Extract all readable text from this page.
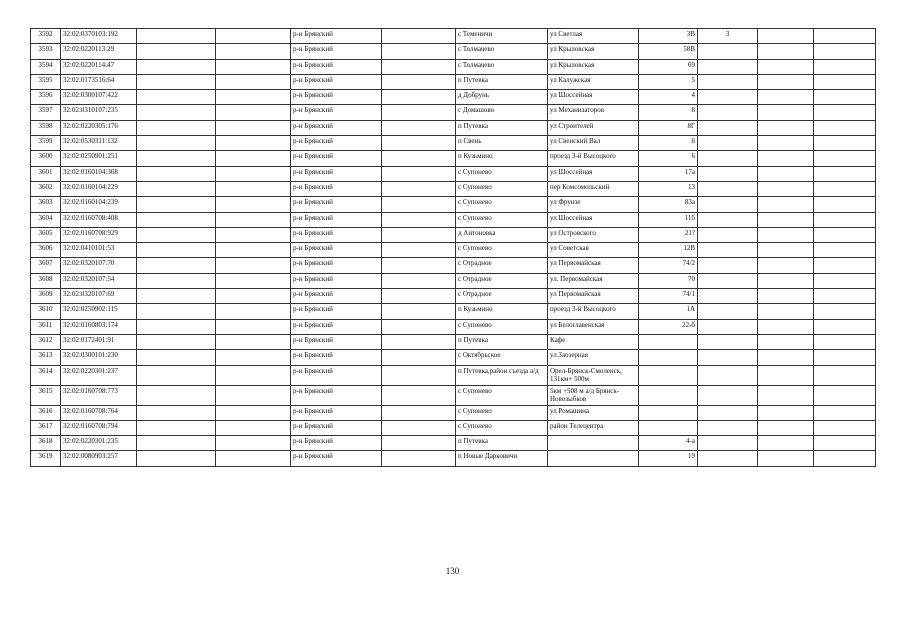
3592	32:02:0370103:192			р-н Брянский		с Теменичи	ул Светлая	3В	3		
3593	32:02:0220113:29			р-н Брянский		с Толмачево	ул Крыловская	58В			
3594	32:02:0220114:47			р-н Брянский		с Толмачево	ул Крыловская	69			
3595	32:02:0173516:64			р-н Брянский		п Путевка	ул Калужская	5			
3596	32:02:0300107:422			р-н Брянский		д Добрунь	ул Шоссейная	4			
3597	32:02:0310107:235			р-н Брянский		с Домашово	ул Механизаторов	8			
3598	32:02:0220305:176			р-н Брянский		п Путевка	ул Строителей	8Г			
3599	32:02:0530311:132			р-н Брянский		п Свень	ул Свенский Вал	6			
3600	32:02:0250901:251			р-н Брянский		п Кузьмино	проезд 3-й Высоцкого	6			
3601	32:02:0160104:368			р-н Брянский		с Супонево	ул Шоссейная	17а			
3602	32:02:0160104:229			р-н Брянский		с Супонево	пер Комсомольский	13			
3603	32:02:0160104:239			р-н Брянский		с Супонево	ул Фрунзе	83а			
3604	32:02:0160708:408			р-н Брянский		с Супонево	ул Шоссейная	11б			
3605	32:02:0160708:929			р-н Брянский		д Антоновка	ул Островского	21?			
3606	32:02:0410101:53			р-н Брянский		с Супонево	ул Советская	12В			
3607	32:02:0320107:70			р-н Брянский		с Отрадное	ул Первомайская	74/2			
3608	32:02:0320107:54			р-н Брянский		с Отрадное	ул. Первомайская	70			
3609	32:02:0320107:69			р-н Брянский		с Отрадное	ул Первомайская	74/1			
3610	32:02:0250902:115			р-н Брянский		п Кузьмино	проезд 3-й Высоцкого	1А			
3611	32:02:0160803:174			р-н Брянский		с Супонево	ул Белоглавенская	22-б			
3612	32:02:0172401:91			р-н Брянский		п Путевка	Кафе				
3613	32:02:0300101:230			р-н Брянский		с Октябрьское	ул Заозерная				
3614	32:02:0220301:237			р-н Брянский		п Путевка,район съезда а/д	Орел-Брянск-Смоленск, 131км+ 500м				
3615	32:02:0160708:773			р-н Брянский		с Супонево	5км +508 м а/д Брянск-Новозыбков				
3616	32:02:0160708:764			р-н Брянский		с Супонево	ул Ромашина				
3617	32:02:0160708:794			р-н Брянский		с Супонево	район Телецентра				
3618	32:02:0220301:235			р-н Брянский		п Путевка		4-а			
3619	32:02:0080903:257			р-н Брянский		п Новые Дарковичи		19			
130
